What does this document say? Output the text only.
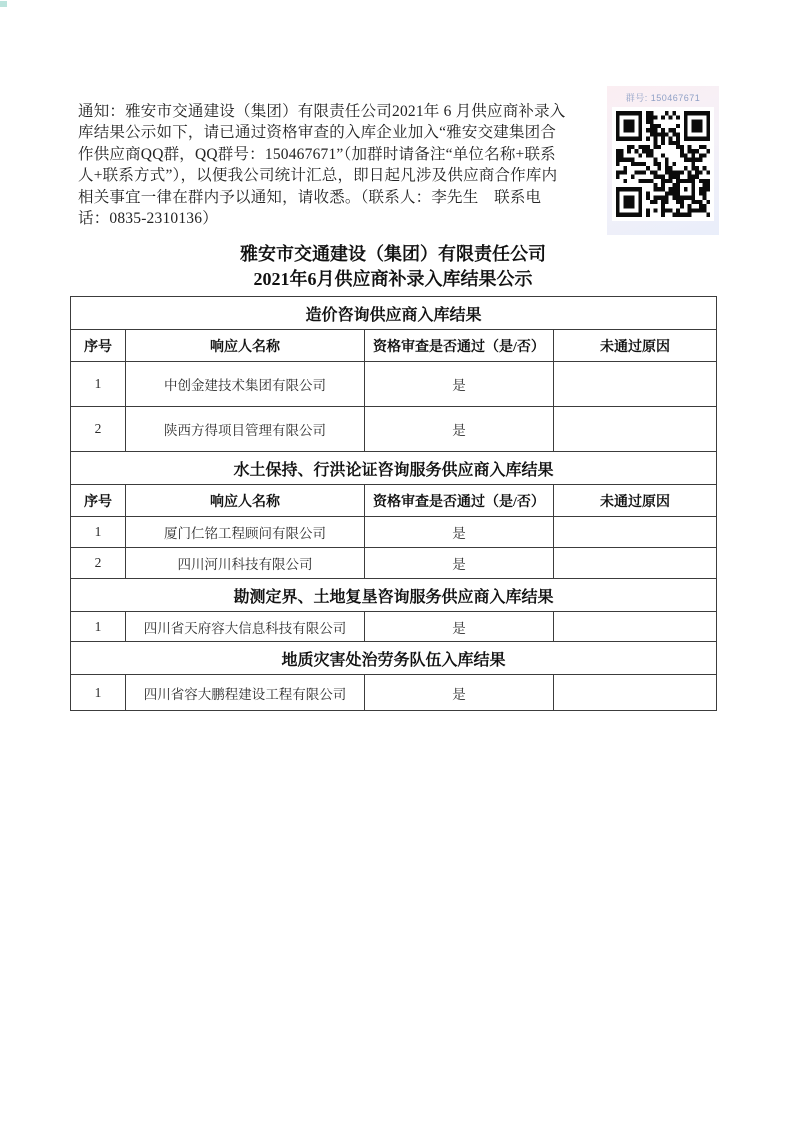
通知：雅安市交通建设（集团）有限责任公司2021年 6 月供应商补录入
库结果公示如下，请已通过资格审查的入库企业加入“雅安交建集团合
作供应商QQ群，QQ群号：150467671”（加群时请备注“单位名称+联系
人+联系方式”），以便我公司统计汇总，即日起凡涉及供应商合作库内
相关事宜一律在群内予以通知，请收悉。（联系人：李先生　联系电
话：0835-2310136）
群号: 150467671
雅安市交通建设（集团）有限责任公司
2021年6月供应商补录入库结果公示
造价咨询供应商入库结果			
序号	响应人名称	资格审查是否通过（是/否）	未通过原因
1	中创金建技术集团有限公司	是	
2	陕西方得项目管理有限公司	是	
水土保持、行洪论证咨询服务供应商入库结果			
序号	响应人名称	资格审查是否通过（是/否）	未通过原因
1	厦门仁铭工程顾问有限公司	是	
2	四川河川科技有限公司	是	
勘测定界、土地复垦咨询服务供应商入库结果			
1	四川省天府容大信息科技有限公司	是	
地质灾害处治劳务队伍入库结果			
1	四川省容大鹏程建设工程有限公司	是	
